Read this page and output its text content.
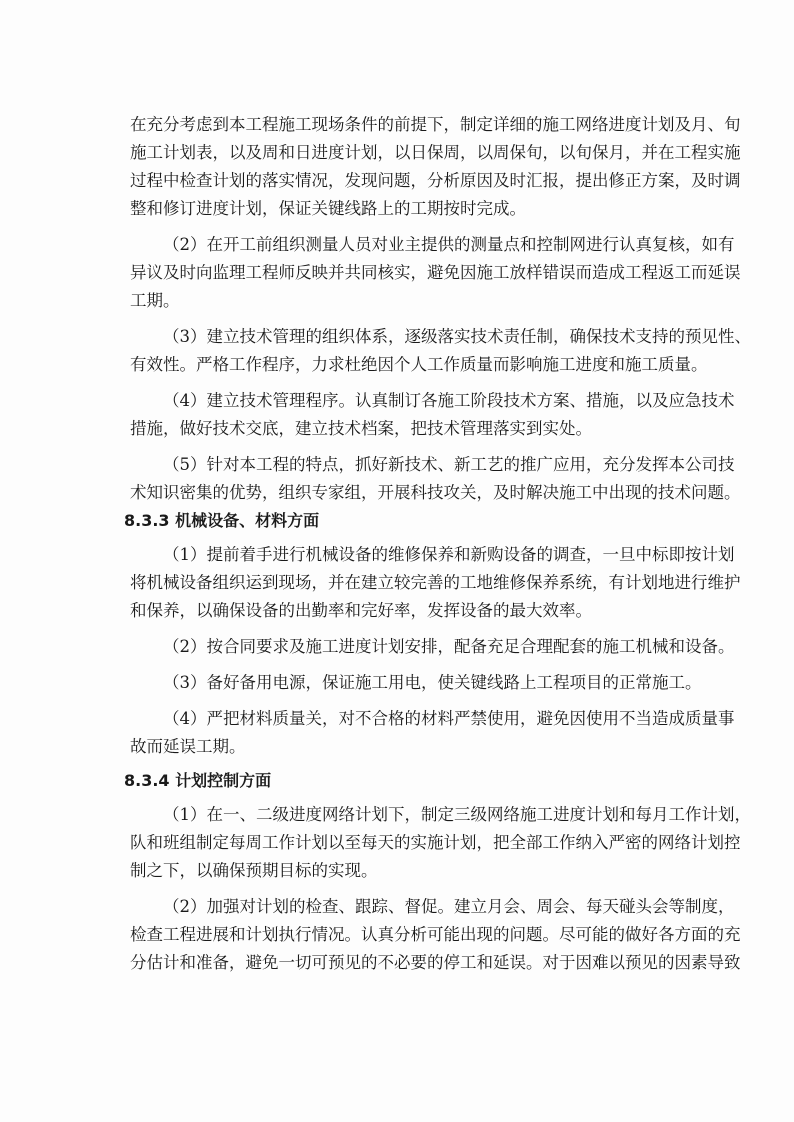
在充分考虑到本工程施工现场条件的前提下，制定详细的施工网络进度计划及月、旬
施工计划表，以及周和日进度计划，以日保周，以周保旬，以旬保月，并在工程实施
过程中检查计划的落实情况，发现问题，分析原因及时汇报，提出修正方案，及时调
整和修订进度计划，保证关键线路上的工期按时完成。
（2）在开工前组织测量人员对业主提供的测量点和控制网进行认真复核，如有
异议及时向监理工程师反映并共同核实，避免因施工放样错误而造成工程返工而延误
工期。
（3）建立技术管理的组织体系，逐级落实技术责任制，确保技术支持的预见性、
有效性。严格工作程序，力求杜绝因个人工作质量而影响施工进度和施工质量。
（4）建立技术管理程序。认真制订各施工阶段技术方案、措施，以及应急技术
措施，做好技术交底，建立技术档案，把技术管理落实到实处。
（5）针对本工程的特点，抓好新技术、新工艺的推广应用，充分发挥本公司技
术知识密集的优势，组织专家组，开展科技攻关，及时解决施工中出现的技术问题。
8.3.3 机械设备、材料方面
（1）提前着手进行机械设备的维修保养和新购设备的调查，一旦中标即按计划
将机械设备组织运到现场，并在建立较完善的工地维修保养系统，有计划地进行维护
和保养，以确保设备的出勤率和完好率，发挥设备的最大效率。
（2）按合同要求及施工进度计划安排，配备充足合理配套的施工机械和设备。
（3）备好备用电源，保证施工用电，使关键线路上工程项目的正常施工。
（4）严把材料质量关，对不合格的材料严禁使用，避免因使用不当造成质量事
故而延误工期。
8.3.4 计划控制方面
（1）在一、二级进度网络计划下，制定三级网络施工进度计划和每月工作计划，
队和班组制定每周工作计划以至每天的实施计划，把全部工作纳入严密的网络计划控
制之下，以确保预期目标的实现。
（2）加强对计划的检查、跟踪、督促。建立月会、周会、每天碰头会等制度，
检查工程进展和计划执行情况。认真分析可能出现的问题。尽可能的做好各方面的充
分估计和准备，避免一切可预见的不必要的停工和延误。对于因难以预见的因素导致
